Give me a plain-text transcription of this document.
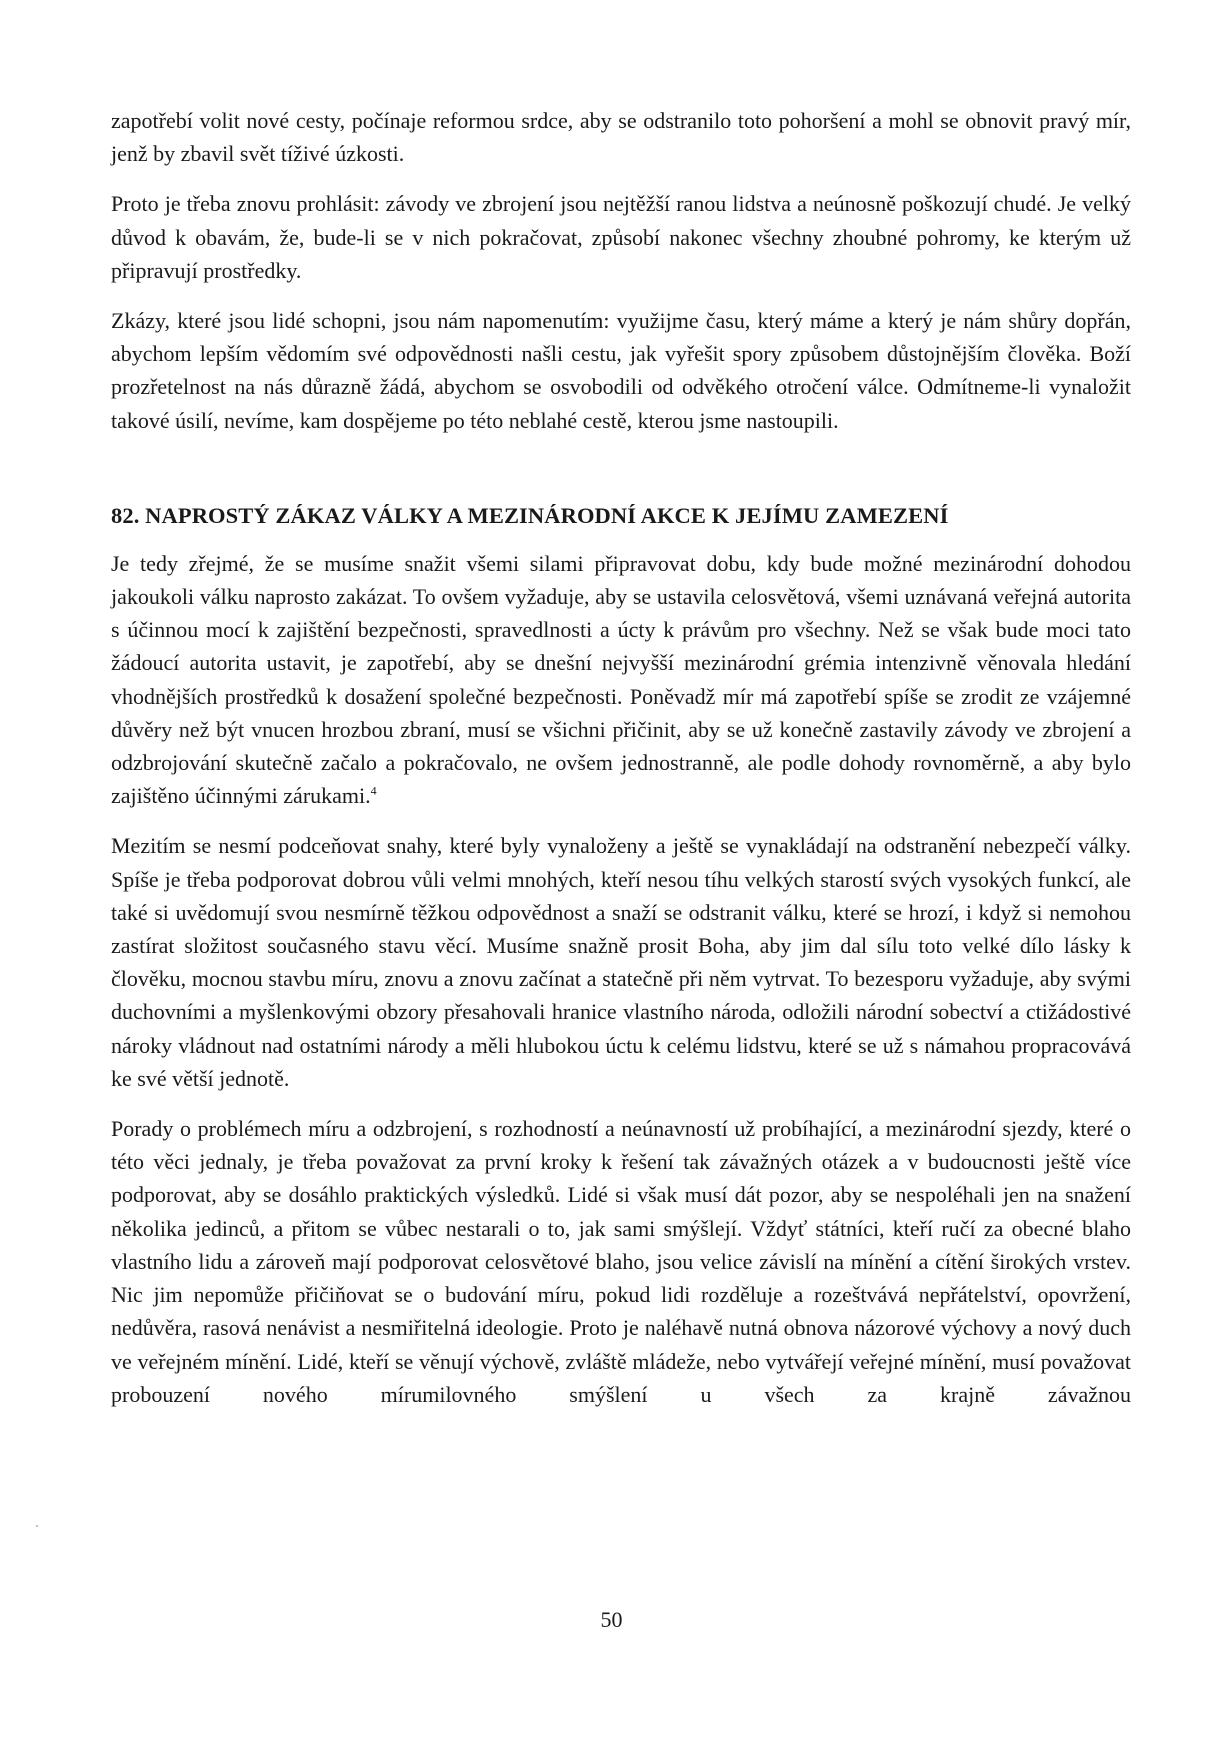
zapotřebí volit nové cesty, počínaje reformou srdce, aby se odstranilo toto pohoršení a mohl se obnovit pravý mír, jenž by zbavil svět tíživé úzkosti.

Proto je třeba znovu prohlásit: závody ve zbrojení jsou nejtěžší ranou lidstva a neúnosně poškozují chudé. Je velký důvod k obavám, že, bude-li se v nich pokračovat, způsobí nakonec všechny zhoubné pohromy, ke kterým už připravují prostředky.

Zkázy, které jsou lidé schopni, jsou nám napomenutím: využijme času, který máme a který je nám shůry dopřán, abychom lepším vědomím své odpovědnosti našli cestu, jak vyřešit spory způsobem důstojnějším člověka. Boží prozřetelnost na nás důrazně žádá, abychom se osvobodili od odvěkého otročení válce. Odmítneme-li vynaložit takové úsilí, nevíme, kam dospějeme po této neblahé cestě, kterou jsme nastoupili.

82. NAPROSTÝ ZÁKAZ VÁLKY A MEZINÁRODNÍ AKCE K JEJÍMU ZAMEZENÍ

Je tedy zřejmé, že se musíme snažit všemi silami připravovat dobu, kdy bude možné mezinárodní dohodou jakoukoli válku naprosto zakázat. To ovšem vyžaduje, aby se ustavila celosvětová, všemi uznávaná veřejná autorita s účinnou mocí k zajištění bezpečnosti, spravedlnosti a úcty k právům pro všechny. Než se však bude moci tato žádoucí autorita ustavit, je zapotřebí, aby se dnešní nejvyšší mezinárodní grémia intenzivně věnovala hledání vhodnějších prostředků k dosažení společné bezpečnosti. Poněvadž mír má zapotřebí spíše se zrodit ze vzájemné důvěry než být vnucen hrozbou zbraní, musí se všichni přičinit, aby se už konečně zastavily závody ve zbrojení a odzbrojování skutečně začalo a pokračovalo, ne ovšem jednostranně, ale podle dohody rovnoměrně, a aby bylo zajištěno účinnými zárukami.$^4$

Mezitím se nesmí podceňovat snahy, které byly vynaloženy a ještě se vynakládají na odstranění nebezpečí války. Spíše je třeba podporovat dobrou vůli velmi mnohých, kteří nesou tíhu velkých starostí svých vysokých funkcí, ale také si uvědomují svou nesmírně těžkou odpovědnost a snaží se odstranit válku, které se hrozí, i když si nemohou zastírat složitost současného stavu věcí. Musíme snažně prosit Boha, aby jim dal sílu toto velké dílo lásky k člověku, mocnou stavbu míru, znovu a znovu začínat a statečně při něm vytrvat. To bezesporu vyžaduje, aby svými duchovními a myšlenkovými obzory přesahovali hranice vlastního národa, odložili národní sobectví a ctižádostivé nároky vládnout nad ostatními národy a měli hlubokou úctu k celému lidstvu, které se už s námahou propracovává ke své větší jednotě.

Porady o problémech míru a odzbrojení, s rozhodností a neúnavností už probíhající, a mezinárodní sjezdy, které o této věci jednaly, je třeba považovat za první kroky k řešení tak závažných otázek a v budoucnosti ještě více podporovat, aby se dosáhlo praktických výsledků. Lidé si však musí dát pozor, aby se nespoléhali jen na snažení několika jedinců, a přitom se vůbec nestarali o to, jak sami smýšlejí. Vždyť státníci, kteří ručí za obecné blaho vlastního lidu a zároveň mají podporovat celosvětové blaho, jsou velice závislí na mínění a cítění širokých vrstev. Nic jim nepomůže přičiňovat se o budování míru, pokud lidi rozděluje a rozeštvává nepřátelství, opovržení, nedůvěra, rasová nenávist a nesmiřitelná ideologie. Proto je naléhavě nutná obnova názorové výchovy a nový duch ve veřejném mínění. Lidé, kteří se věnují výchově, zvláště mládeže, nebo vytvářejí veřejné mínění, musí považovat probouzení nového mírumilovného smýšlení u všech za krajně závažnou

50
